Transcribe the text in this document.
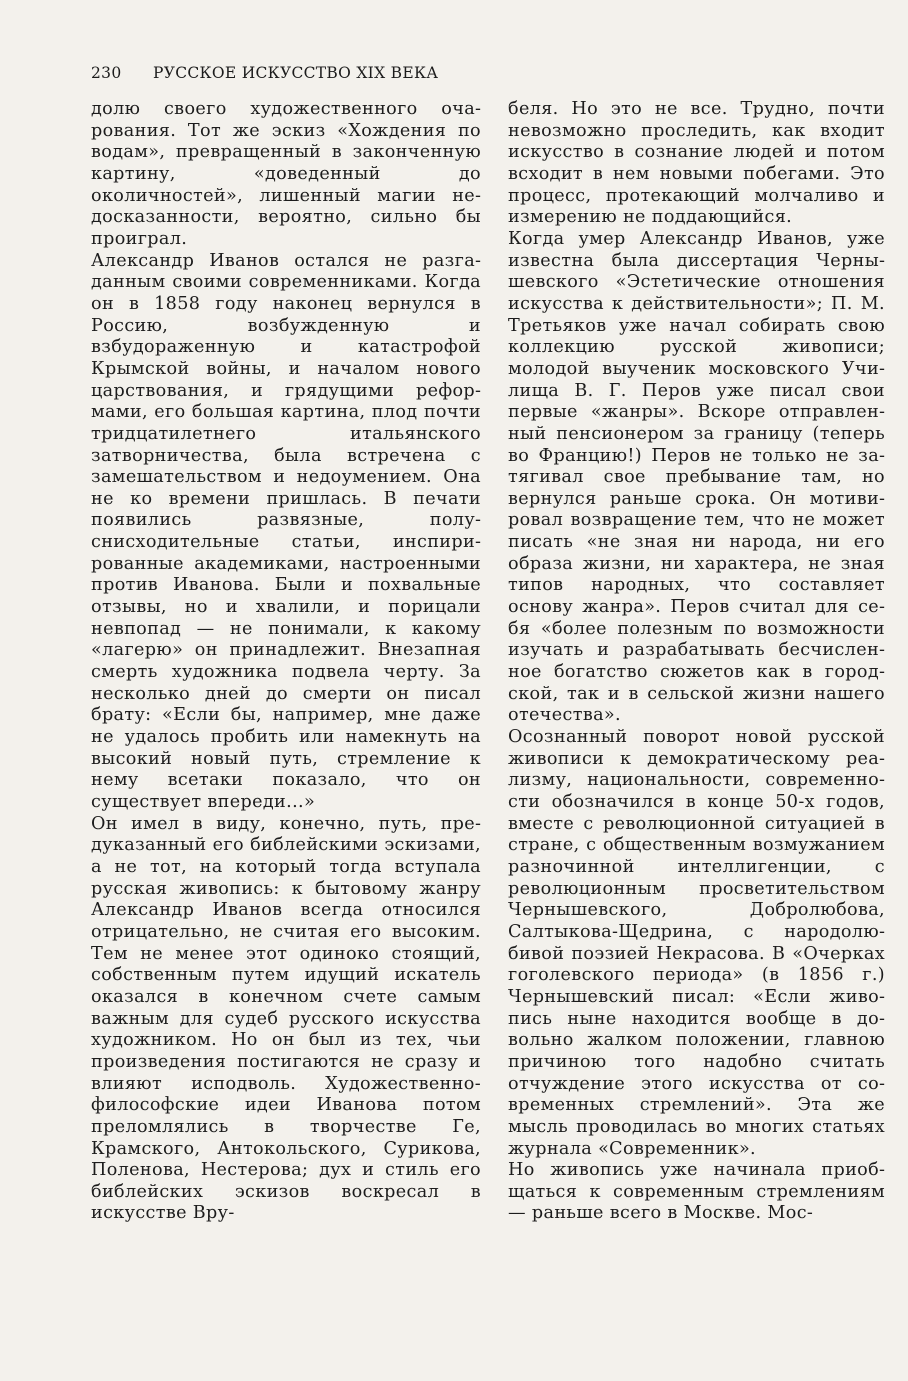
230 РУССКОЕ ИСКУССТВО XIX ВЕКА

долю своего художественного очарования. Тот же эскиз «Хождения по водам», превращенный в законченную картину, «доведенный до околичностей», лишенный магии недосказанности, вероятно, сильно бы проиграл.

Александр Иванов остался не разгаданным своими современниками. Когда он в 1858 году наконец вернулся в Россию, возбужденную и взбудораженную и катастрофой Крымской войны, и началом нового царствования, и грядущими реформами, его большая картина, плод почти тридцатилетнего итальянского затворничества, была встречена с замешательством и недоумением. Она не ко времени пришлась. В печати появились развязные, полуснисходительные статьи, инспирированные академиками, настроенными против Иванова. Были и похвальные отзывы, но и хвалили, и порицали невпопад — не понимали, к какому «лагерю» он принадлежит. Внезапная смерть художника подвела черту. За несколько дней до смерти он писал брату: «Если бы, например, мне даже не удалось пробить или намекнуть на высокий новый путь, стремление к нему всетаки показало, что он существует впереди...»

Он имел в виду, конечно, путь, предуказанный его библейскими эскизами, а не тот, на который тогда вступала русская живопись: к бытовому жанру Александр Иванов всегда относился отрицательно, не считая его высоким. Тем не менее этот одиноко стоящий, собственным путем идущий искатель оказался в конечном счете самым важным для судеб русского искусства художником. Но он был из тех, чьи произведения постигаются не сразу и влияют исподволь. Художественно-философские идеи Иванова потом преломлялись в творчестве Ге, Крамского, Антокольского, Сурикова, Поленова, Нестерова; дух и стиль его библейских эскизов воскресал в искусстве Вру-

беля. Но это не все. Трудно, почти невозможно проследить, как входит искусство в сознание людей и потом всходит в нем новыми побегами. Это процесс, протекающий молчаливо и измерению не поддающийся.

Когда умер Александр Иванов, уже известна была диссертация Чернышевского «Эстетические отношения искусства к действительности»; П. М. Третьяков уже начал собирать свою коллекцию русской живописи; молодой выученик московского Училища В. Г. Перов уже писал свои первые «жанры». Вскоре отправленный пенсионером за границу (теперь во Францию!) Перов не только не затягивал свое пребывание там, но вернулся раньше срока. Он мотивировал возвращение тем, что не может писать «не зная ни народа, ни его образа жизни, ни характера, не зная типов народных, что составляет основу жанра». Перов считал для себя «более полезным по возможности изучать и разрабатывать бесчисленное богатство сюжетов как в городской, так и в сельской жизни нашего отечества».

Осознанный поворот новой русской живописи к демократическому реализму, национальности, современности обозначился в конце 50-х годов, вместе с революционной ситуацией в стране, с общественным возмужанием разночинной интеллигенции, с революционным просветительством Чернышевского, Добролюбова, Салтыкова-Щедрина, с народолюбивой поэзией Некрасова. В «Очерках гоголевского периода» (в 1856 г.) Чернышевский писал: «Если живопись ныне находится вообще в довольно жалком положении, главною причиною того надобно считать отчуждение этого искусства от современных стремлений». Эта же мысль проводилась во многих статьях журнала «Современник».

Но живопись уже начинала приобщаться к современным стремлениям — раньше всего в Москве. Мос-
